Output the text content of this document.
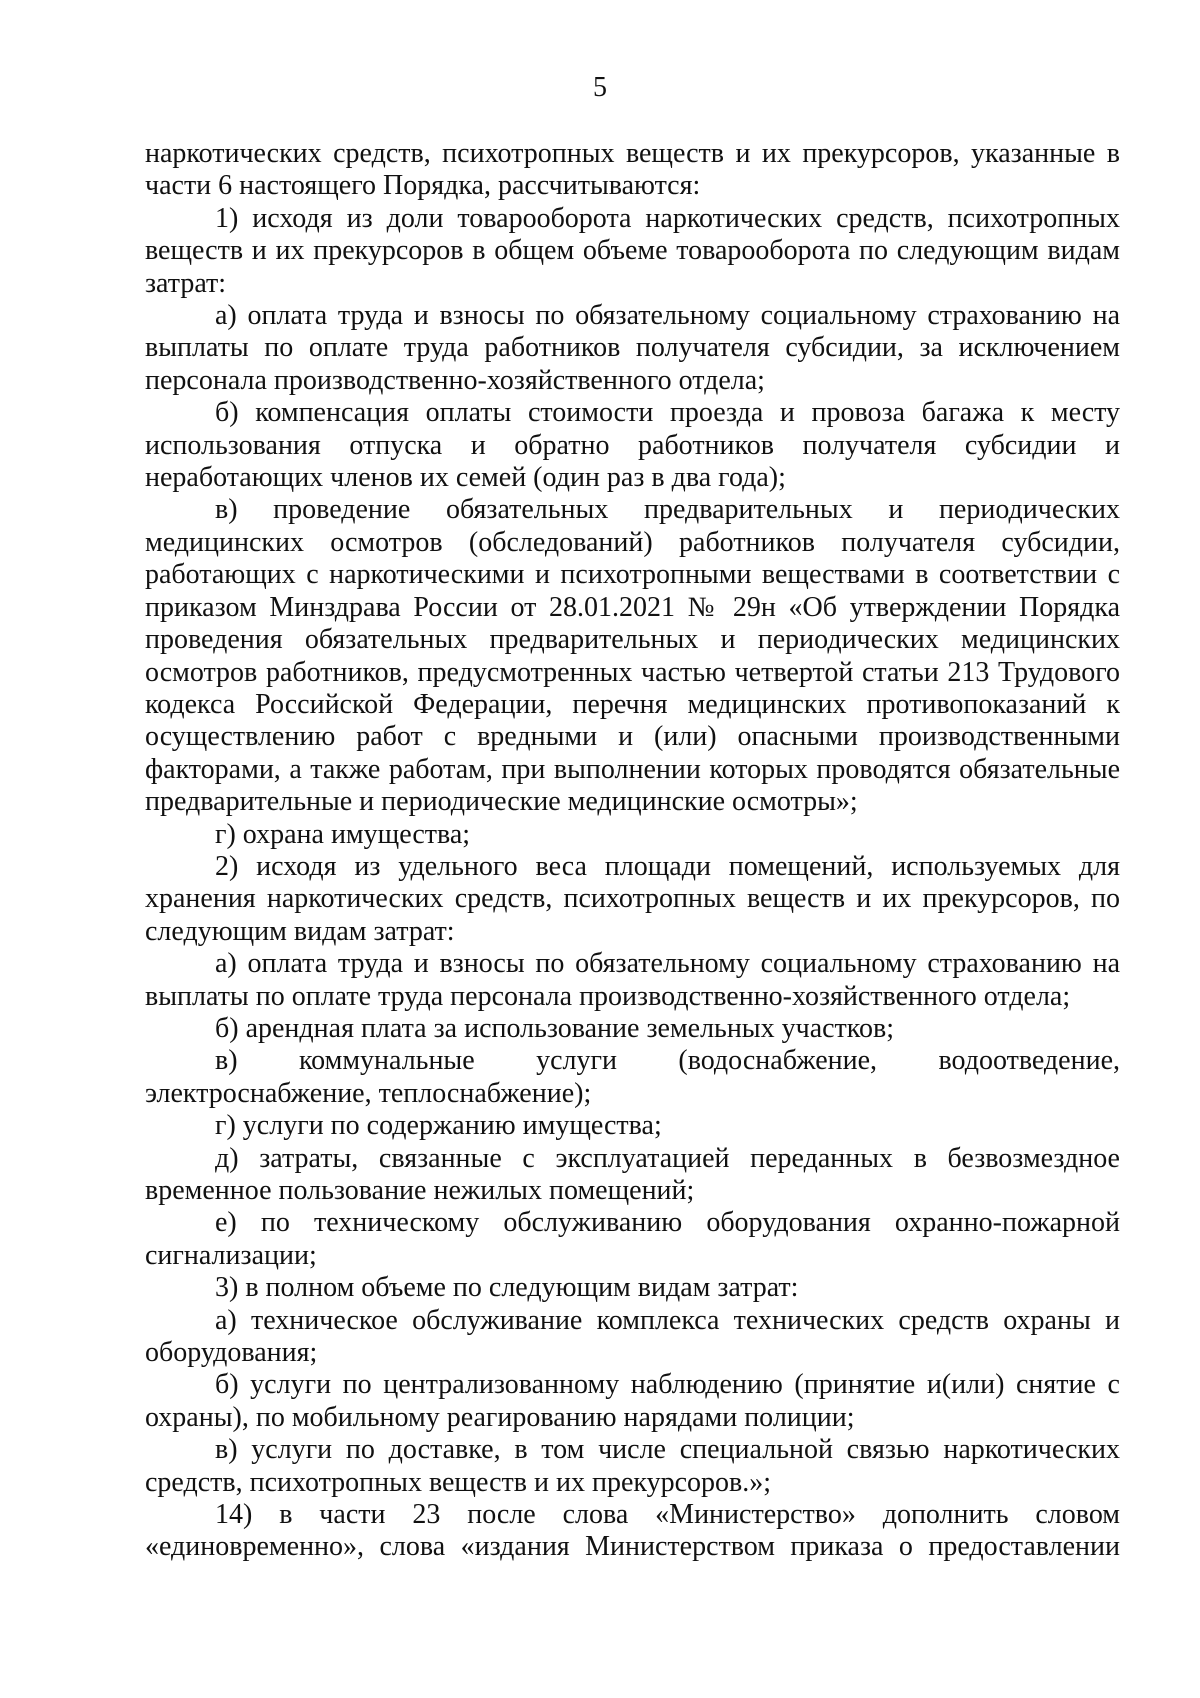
5

наркотических средств, психотропных веществ и их прекурсоров, указанные в части 6 настоящего Порядка, рассчитываются:

1) исходя из доли товарооборота наркотических средств, психотропных веществ и их прекурсоров в общем объеме товарооборота по следующим видам затрат:

а) оплата труда и взносы по обязательному социальному страхованию на выплаты по оплате труда работников получателя субсидии, за исключением персонала производственно-хозяйственного отдела;

б) компенсация оплаты стоимости проезда и провоза багажа к месту использования отпуска и обратно работников получателя субсидии и неработающих членов их семей (один раз в два года);

в) проведение обязательных предварительных и периодических медицинских осмотров (обследований) работников получателя субсидии, работающих с наркотическими и психотропными веществами в соответствии с приказом Минздрава России от 28.01.2021 № 29н «Об утверждении Порядка проведения обязательных предварительных и периодических медицинских осмотров работников, предусмотренных частью четвертой статьи 213 Трудового кодекса Российской Федерации, перечня медицинских противопоказаний к осуществлению работ с вредными и (или) опасными производственными факторами, а также работам, при выполнении которых проводятся обязательные предварительные и периодические медицинские осмотры»;

г) охрана имущества;

2) исходя из удельного веса площади помещений, используемых для хранения наркотических средств, психотропных веществ и их прекурсоров, по следующим видам затрат:

а) оплата труда и взносы по обязательному социальному страхованию на выплаты по оплате труда персонала производственно-хозяйственного отдела;

б) арендная плата за использование земельных участков;

в) коммунальные услуги (водоснабжение, водоотведение, электроснабжение, теплоснабжение);

г) услуги по содержанию имущества;

д) затраты, связанные с эксплуатацией переданных в безвозмездное временное пользование нежилых помещений;

е) по техническому обслуживанию оборудования охранно-пожарной сигнализации;

3) в полном объеме по следующим видам затрат:

а) техническое обслуживание комплекса технических средств охраны и оборудования;

б) услуги по централизованному наблюдению (принятие и(или) снятие с охраны), по мобильному реагированию нарядами полиции;

в) услуги по доставке, в том числе специальной связью наркотических средств, психотропных веществ и их прекурсоров.»;

14) в части 23 после слова «Министерство» дополнить словом «единовременно», слова «издания Министерством приказа о предоставлении
